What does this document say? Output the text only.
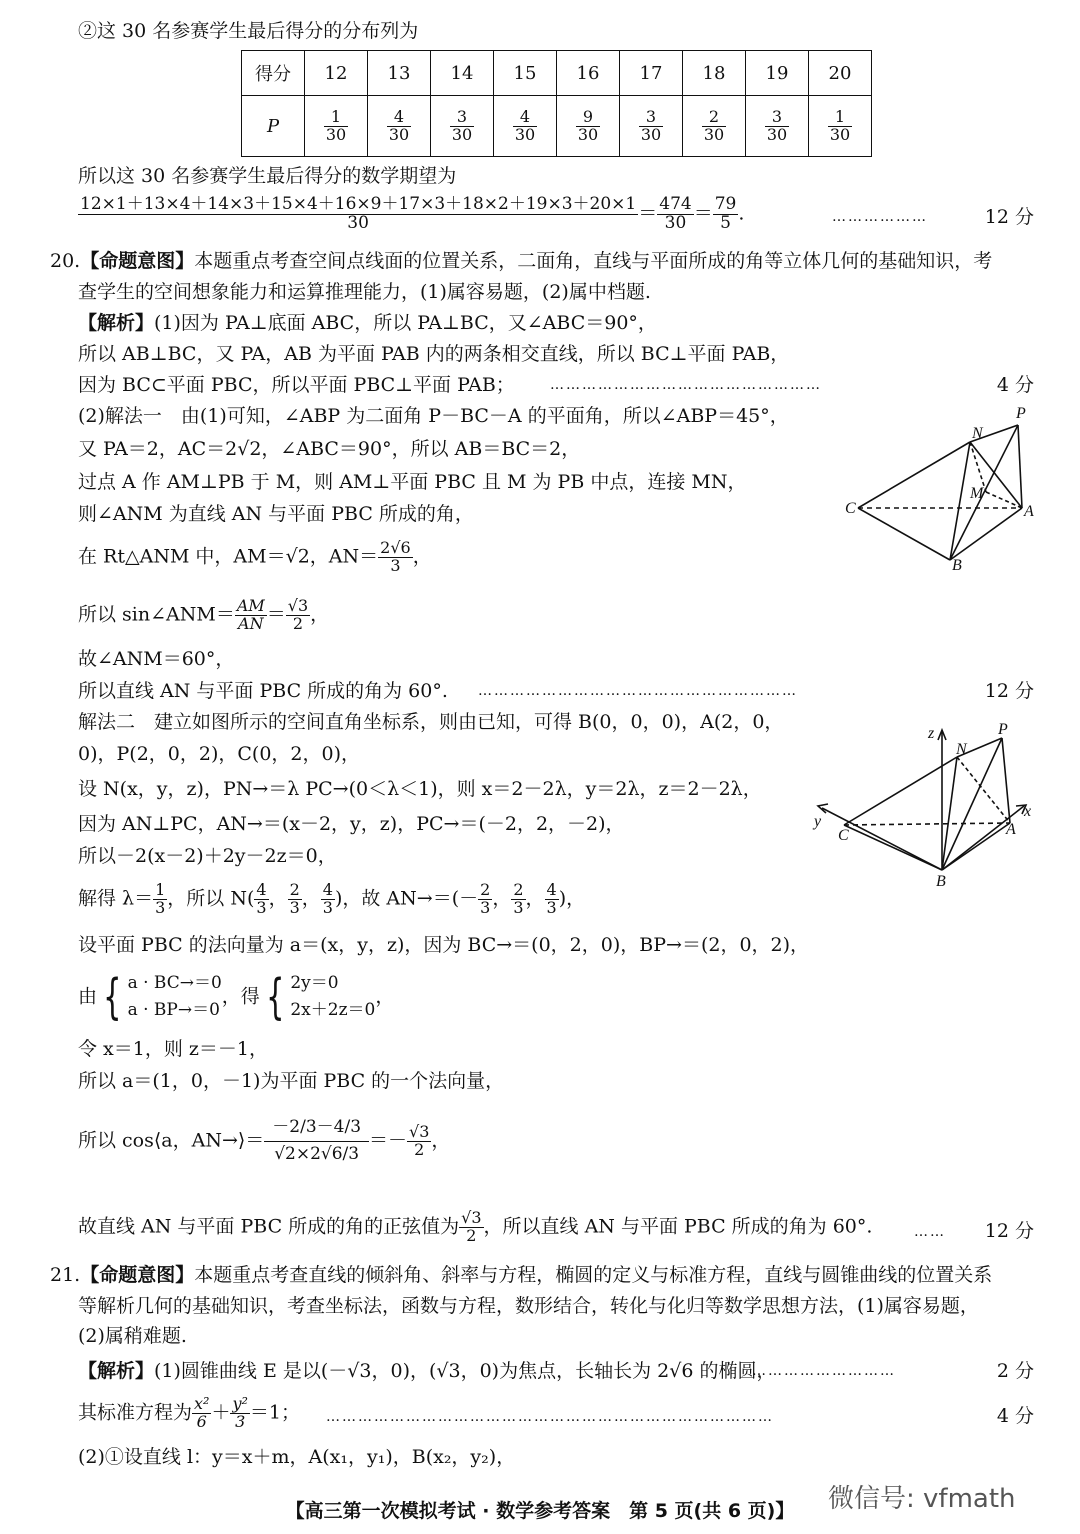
②这 30 名参赛学生最后得分的分布列为
得分	12	13	14	15	16	17	18	19	20
P	$\frac{1}{30}$	$\frac{4}{30}$	$\frac{3}{30}$	$\frac{4}{30}$	$\frac{9}{30}$	$\frac{3}{30}$	$\frac{2}{30}$	$\frac{3}{30}$	$\frac{1}{30}$
所以这 30 名参赛学生最后得分的数学期望为
$\frac{12\times 1+13\times 4+14\times 3+15\times 4+16\times 9+17\times 3+18\times 2+19\times 3+20\times 1}{30} = \frac{474}{30} = \frac{79}{5}$ .	………………	12 分
20.【命题意图】本题重点考查空间点线面的位置关系，二面角，直线与平面所成的角等立体几何的基础知识，考
查学生的空间想象能力和运算推理能力，(1)属容易题，(2)属中档题.
【解析】(1)因为 PA⊥底面 ABC，所以 PA⊥BC，又∠ABC＝90°，
所以 AB⊥BC，又 PA，AB 为平面 PAB 内的两条相交直线，所以 BC⊥平面 PAB，
因为 BC⊂平面 PBC，所以平面 PBC⊥平面 PAB；	……………………………………………	4 分
(2)解法一　由(1)可知，∠ABP 为二面角 P－BC－A 的平面角，所以∠ABP＝45°，
又 PA＝2，AC＝2√2，∠ABC＝90°，所以 AB＝BC＝2，
过点 A 作 AM⊥PB 于 M，则 AM⊥平面 PBC 且 M 为 PB 中点，连接 MN，
则∠ANM 为直线 AN 与平面 PBC 所成的角，
在 Rt△ANM 中，AM＝√2，$AN= \frac{2√6}{3}$ ，
所以 sin∠ANM＝ $\frac{AM}{AN} = \frac{√3}{2}$ ，
故∠ANM＝60°，
所以直线 AN 与平面 PBC 所成的角为 60°. ……………………………………………………	12 分
P
N
M
C	A
B
解法二　建立如图所示的空间直角坐标系，则由已知，可得 B(0，0，0)，A(2，0，
0)，P(2，0，2)，C(0，2，0)，
设 N(x，y，z)，PN→＝λ PC→(0＜λ＜1)，则 x＝2－2λ，y＝2λ，z＝2－2λ，
因为 AN⊥PC，AN→＝(x－2，y，z)，PC→＝(－2，2，－2)，
所以－2(x－2)＋2y－2z＝0，
解得 $\lambda= \frac{1}{3}$ ，所以 $N( \frac{4}{3}$ ， $\frac{2}{3}$ ， $\frac{4}{3}$ )，故 $AN\to=(- \frac{2}{3}$ ， $\frac{2}{3}$ ， $\frac{4}{3}$ )，
设平面 PBC 的法向量为 a＝(x，y，z)，因为 BC→＝(0，2，0)，BP→＝(2，0，2)，
由 { a · BC→＝0
a · BP→＝0
，得 { 2y＝0
2x＋2z＝0
，
令 x＝1，则 z＝－1，
所以 a＝(1，0，－1)为平面 PBC 的一个法向量，
所以 cos⟨a，AN→⟩＝ $\frac{-2/3-4/3}{√2\times 2√6/3} =- \frac{√3}{2}$ ，
z	P
N
y
C	A
x
B
故直线 AN 与平面 PBC 所成的角的正弦值为 $\frac{√3}{2}$ ，所以直线 AN 与平面 PBC 所成的角为 60°.	…… 12 分
21.【命题意图】本题重点考查直线的倾斜角、斜率与方程，椭圆的定义与标准方程，直线与圆锥曲线的位置关系
等解析几何的基础知识，考查坐标法，函数与方程，数形结合，转化与化归等数学思想方法，(1)属容易题，
(2)属稍难题.
【解析】(1)圆锥曲线 E 是以(－√3，0)，(√3，0)为焦点，长轴长为 2√6 的椭圆，
………………………	2 分
其标准方程为 $\frac{\text{x²}}{6} + \frac{\text{y²}}{3} =1$； …………………………………………………………………………	4 分
(2)①设直线 l：y＝x＋m，A(x₁，y₁)，B(x₂，y₂)，
微信号: vfmath
【高三第一次模拟考试 · 数学参考答案　第 5 页(共 6 页)】
